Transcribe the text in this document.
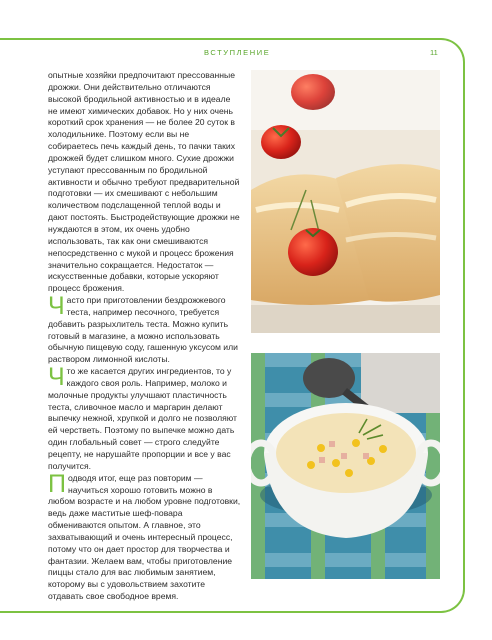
ВСТУПЛЕНИЕ	11

опытные хозяйки предпочитают прессованные дрожжи. Они действительно отличаются высокой бродильной активностью и в идеале не имеют химических добавок. Но у них очень короткий срок хранения — не более 20 суток в холодильнике. Поэтому если вы не собираетесь печь каждый день, то пачки таких дрожжей будет слишком много. Сухие дрожжи уступают прессованным по бродильной активности и обычно требуют предварительной подготовки — их смешивают с небольшим количеством подслащенной теплой воды и дают постоять. Быстродействующие дрожжи не нуждаются в этом, их очень удобно использовать, так как они смешиваются непосредственно с мукой и процесс брожения значительно сокращается. Недостаток — искусственные добавки, которые ускоряют процесс брожения.

Часто при приготовлении бездрожжевого теста, например песочного, требуется добавить разрыхлитель теста. Можно купить готовый в магазине, а можно использовать обычную пищевую соду, гашенную уксусом или раствором лимонной кислоты.

Что же касается других ингредиентов, то у каждого своя роль. Например, молоко и молочные продукты улучшают пластичность теста, сливочное масло и маргарин делают выпечку нежной, хрупкой и долго не позволяют ей черстветь. Поэтому по выпечке можно дать один глобальный совет — строго следуйте рецепту, не нарушайте пропорции и все у вас получится.

Подводя итог, еще раз повторим — научиться хорошо готовить можно в любом возрасте и на любом уровне подготовки, ведь даже маститые шеф-повара обмениваются опытом. А главное, это захватывающий и очень интересный процесс, потому что он дает простор для творчества и фантазии. Желаем вам, чтобы приготовление пиццы стало для вас любимым занятием, которому вы с удовольствием захотите отдавать свое свободное время.
